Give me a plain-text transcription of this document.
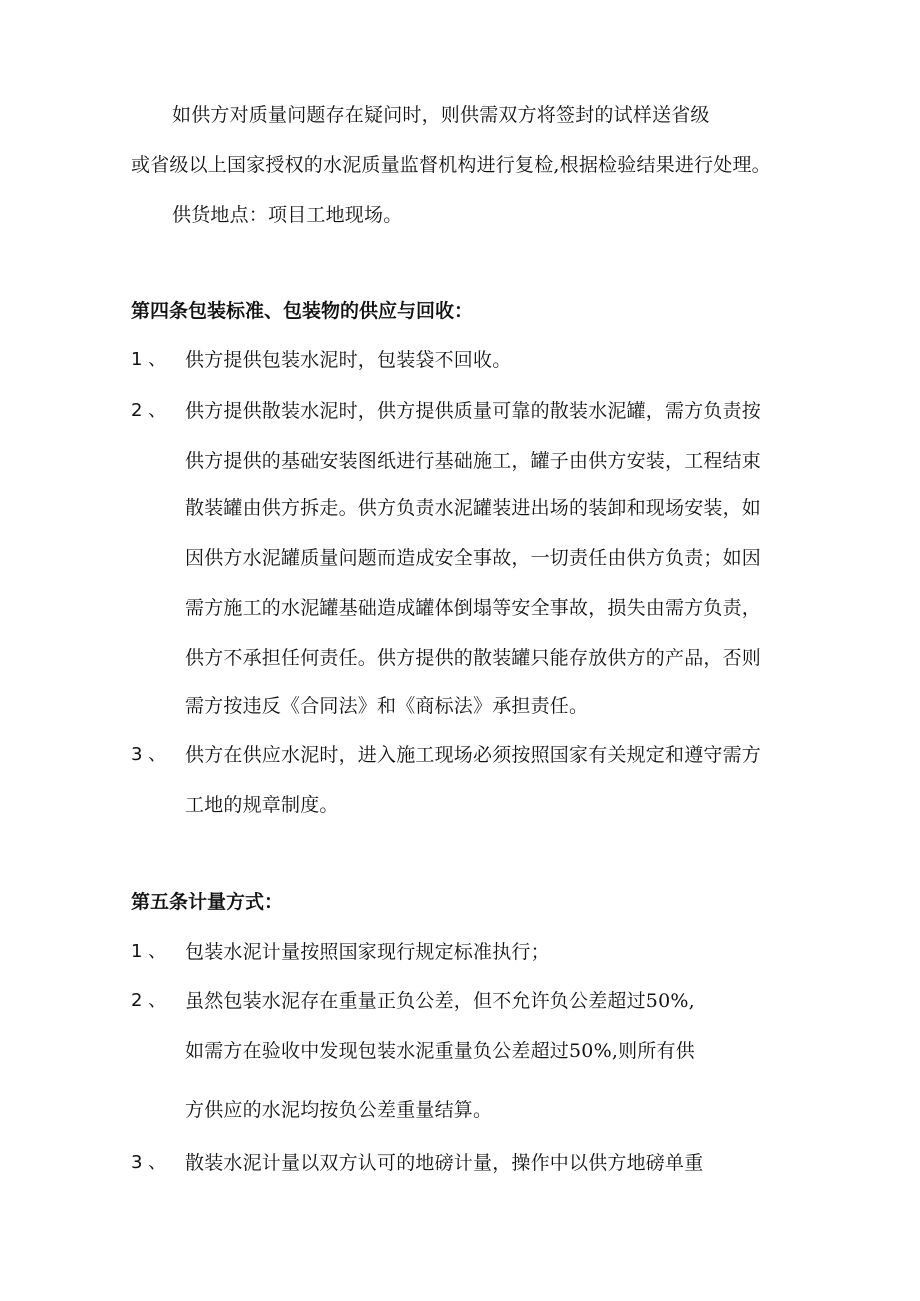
如供方对质量问题存在疑问时，则供需双方将签封的试样送省级
或省级以上国家授权的水泥质量监督机构进行复检,根据检验结果进行处理。
供货地点：项目工地现场。
第四条包装标准、包装物的供应与回收：
1 、 供方提供包装水泥时，包装袋不回收。
2 、 供方提供散装水泥时，供方提供质量可靠的散装水泥罐，需方负责按
供方提供的基础安装图纸进行基础施工，罐子由供方安装，工程结束
散装罐由供方拆走。供方负责水泥罐装进出场的装卸和现场安装，如
因供方水泥罐质量问题而造成安全事故，一切责任由供方负责；如因
需方施工的水泥罐基础造成罐体倒塌等安全事故，损失由需方负责，
供方不承担任何责任。供方提供的散装罐只能存放供方的产品，否则
需方按违反《合同法》和《商标法》承担责任。
3 、 供方在供应水泥时，进入施工现场必须按照国家有关规定和遵守需方
工地的规章制度。
第五条计量方式：
1 、 包装水泥计量按照国家现行规定标准执行；
2 、 虽然包装水泥存在重量正负公差，但不允许负公差超过50%,
如需方在验收中发现包装水泥重量负公差超过50%,则所有供
方供应的水泥均按负公差重量结算。
3 、 散装水泥计量以双方认可的地磅计量，操作中以供方地磅单重
